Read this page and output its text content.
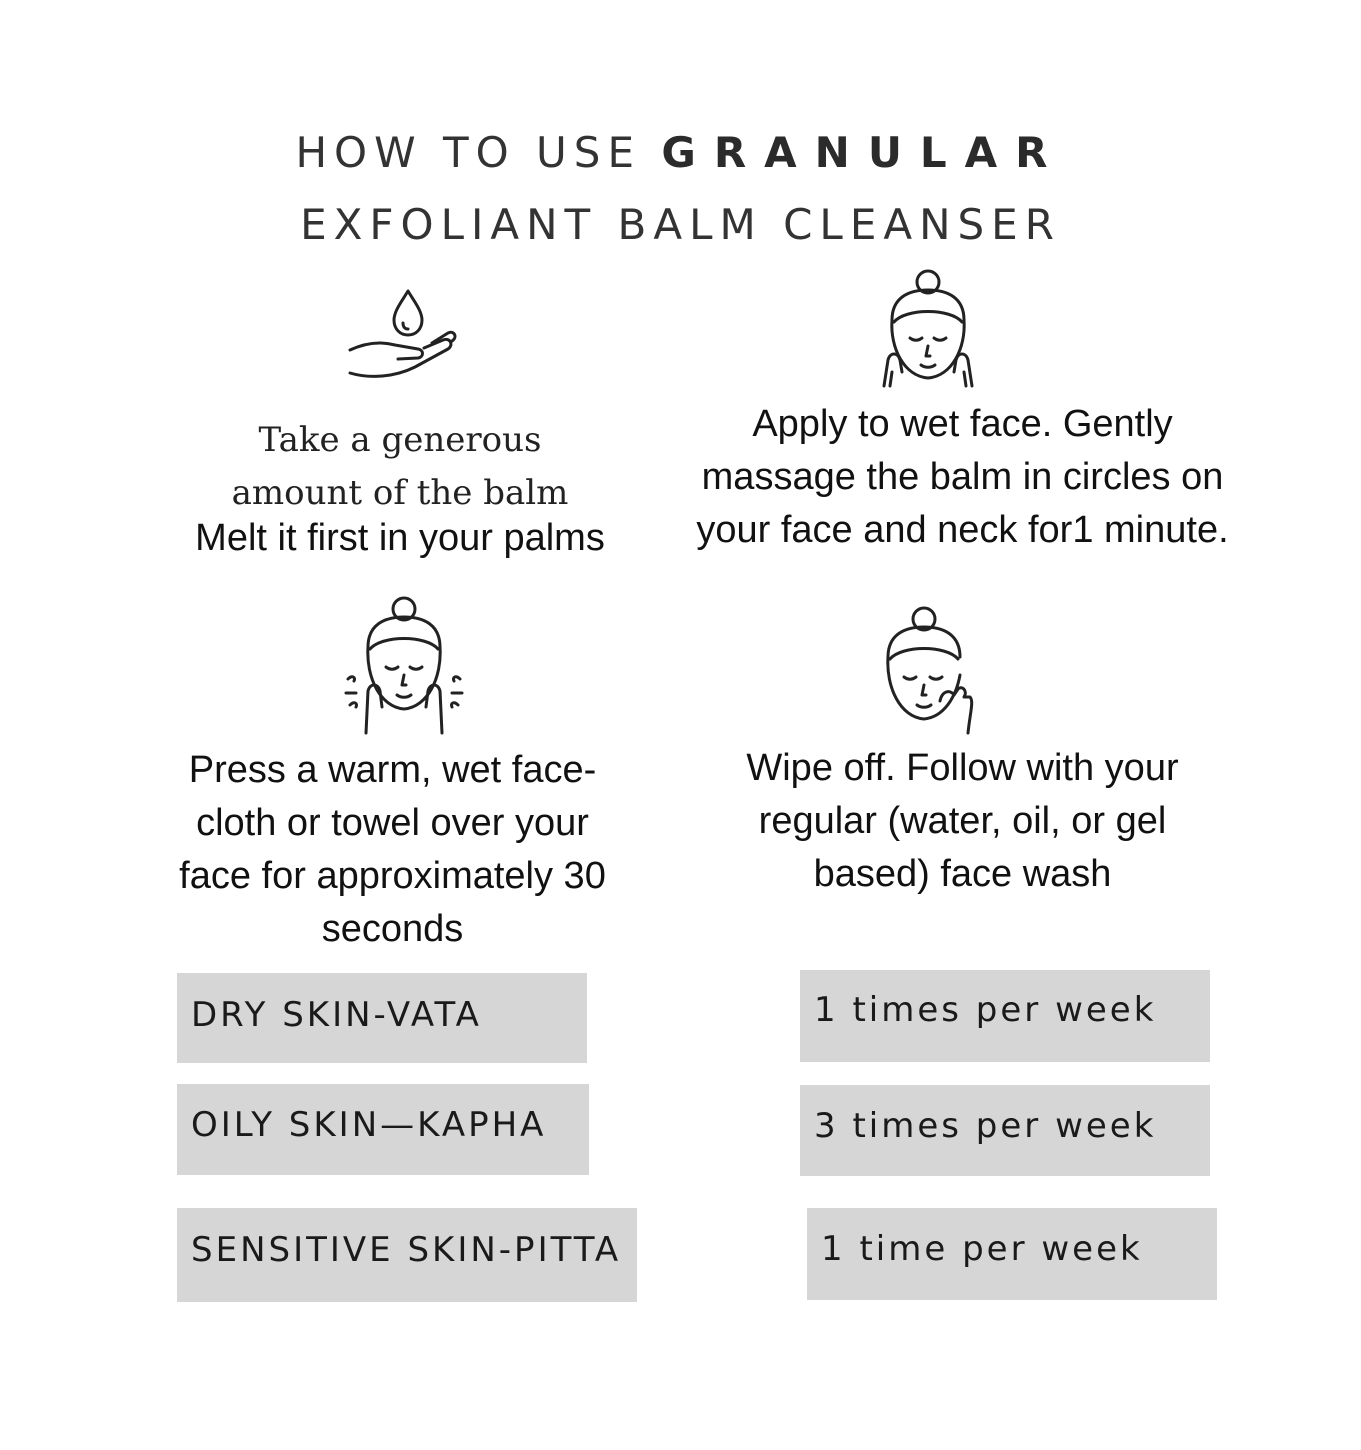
HOW TO USE GRANULAR
EXFOLIANT BALM CLEANSER
Take a generous
amount of the balm
Melt it first in your palms
Apply to wet face. Gently
massage the balm in circles on
your face and neck for1 minute.
Press a warm, wet face-
cloth or towel over your
face for approximately 30
seconds
Wipe off. Follow with your
regular (water, oil, or gel
based) face wash
DRY SKIN-VATA	1 times per week
OILY SKIN—KAPHA	3 times per week
SENSITIVE SKIN-PITTA	1 time per week
